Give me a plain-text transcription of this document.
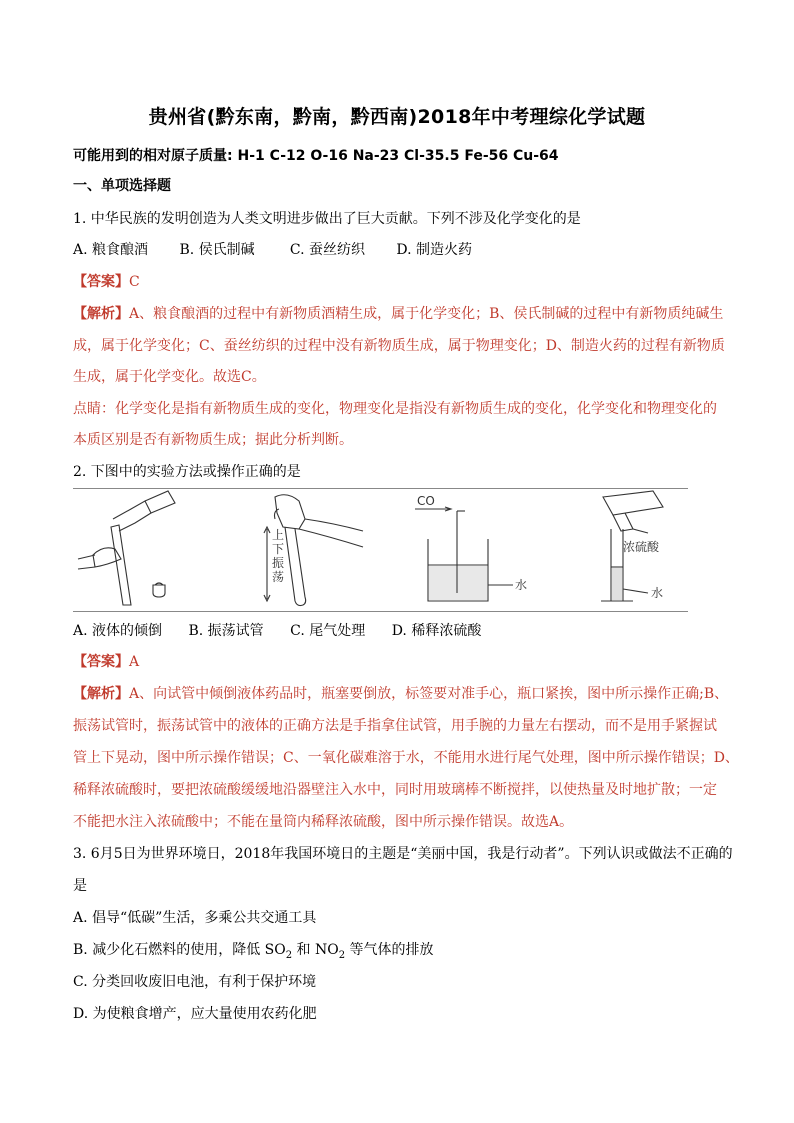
贵州省(黔东南，黔南，黔西南)2018年中考理综化学试题
可能用到的相对原子质量: H-1 C-12 O-16 Na-23 Cl-35.5 Fe-56 Cu-64
一、单项选择题
1. 中华民族的发明创造为人类文明进步做出了巨大贡献。下列不涉及化学变化的是
A. 粮食酿酒 B. 侯氏制碱	C. 蚕丝纺织 D. 制造火药
【答案】C
【解析】A、粮食酿酒的过程中有新物质酒精生成，属于化学变化；B、侯氏制碱的过程中有新物质纯碱生
成，属于化学变化；C、蚕丝纺织的过程中没有新物质生成，属于物理变化；D、制造火药的过程有新物质
生成，属于化学变化。故选C。
点睛：化学变化是指有新物质生成的变化，物理变化是指没有新物质生成的变化，化学变化和物理变化的
本质区别是否有新物质生成；据此分析判断。
2. 下图中的实验方法或操作正确的是
上
下
振
荡
CO
水
浓硫酸
水
A. 液体的倾倒 B. 振荡试管 C. 尾气处理 D. 稀释浓硫酸
【答案】A
【解析】A、向试管中倾倒液体药品时，瓶塞要倒放，标签要对准手心，瓶口紧挨，图中所示操作正确;B、
振荡试管时，振荡试管中的液体的正确方法是手指拿住试管，用手腕的力量左右摆动，而不是用手紧握试
管上下晃动，图中所示操作错误；C、一氧化碳难溶于水，不能用水进行尾气处理，图中所示操作错误；D、
稀释浓硫酸时，要把浓硫酸缓缓地沿器壁注入水中，同时用玻璃棒不断搅拌，以使热量及时地扩散；一定
不能把水注入浓硫酸中；不能在量筒内稀释浓硫酸，图中所示操作错误。故选A。
3. 6月5日为世界环境日，2018年我国环境日的主题是“美丽中国，我是行动者”。下列认识或做法不正确的
是
A. 倡导“低碳”生活，多乘公共交通工具
B. 减少化石燃料的使用，降低 $SO_2$ 和 $NO_2$ 等气体的排放
C. 分类回收废旧电池，有利于保护环境
D. 为使粮食增产，应大量使用农药化肥
